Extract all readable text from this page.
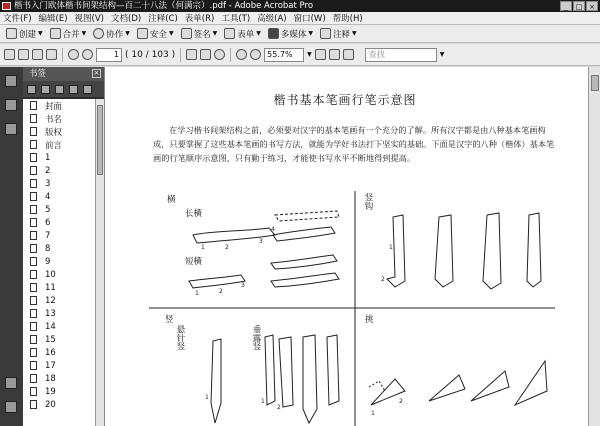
楷书入门欧体楷书间架结构—百二十八法（何满宗）.pdf - Adobe Acrobat Pro	_	□ ×
文件(F) 编辑(E) 视图(V) 文档(D) 注释(C) 表单(R) 工具(T) 高级(A) 窗口(W) 帮助(H)
创建 ▼ 合并 ▼ 协作 ▼ 安全 ▼ 签名 ▼ 表单 ▼ 多媒体 ▼ 注释 ▼
1 ( 10 / 103 )	55.7%	▼	查找	▼
书签	×
封面
书名
版权
前言
1
2
3
4
5
6
7
8
9
10
11
12
13
14
15
16
17
18
19
20
楷书基本笔画行笔示意图
在学习楷书间架结构之前，必须要对汉字的基本笔画有一个充分的了解。所有汉字都是由八种基本笔画构成，只要掌握了这些基本笔画的书写方法，就能为学好书法打下坚实的基础。下面是汉字的八种（楷体）基本笔画的行笔顺序示意图，只有勤于练习，才能使书写水平不断地得到提高。
1	2
3
4
1	2
3
1
1
2
1
2
1
2
横
长横
短横
竖
悬针竖	垂露竖
竖钩
挑
